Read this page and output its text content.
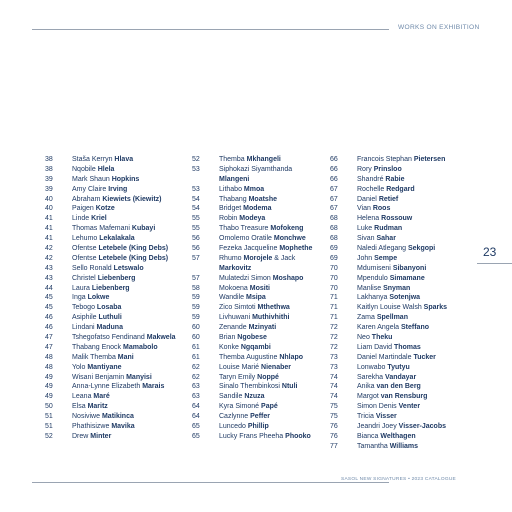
WORKS ON EXHIBITION
23
38	Staša Kerryn Hlava
38	Nqobile Hlela
39	Mark Shaun Hopkins
39	Amy Claire Irving
40	Abraham Kiewiets (Kiewitz)
40	Paigen Kotze
41	Linde Kriel
41	Thomas Mafemani Kubayi
41	Lehumo Lekalakala
42	Ofentse Letebele (King Debs)
42	Ofentse Letebele (King Debs)
43	Sello Ronald Letswalo
43	Christel Liebenberg
44	Laura Liebenberg
45	Inga Lokwe
45	Tebogo Losaba
46	Asiphile Luthuli
46	Lindani Maduna
47	Tshegofatso Fendinand Makwela
47	Thabang Enock Mamabolo
48	Malik Themba Mani
48	Yolo Mantiyane
49	Wisani Benjamin Manyisi
49	Anna-Lynne Elizabeth Marais
49	Leana Maré
50	Elsa Maritz
51	Nosiviwe Matikinca
51	Phathisizwe Mavika
52	Drew Minter
52	Themba Mkhangeli
53	Siphokazi Siyamthanda
Mlangeni
53	Lithabo Mmoa
54	Thabang Moatshe
54	Bridget Modema
55	Robin Modeya
55	Thabo Treasure Mofokeng
56	Omolemo Oratile Monchwe
56	Fezeka Jacqueline Mophethe
57	Rhumo Morojele & Jack
Markovitz
57	Mulatedzi Simon Moshapo
58	Mokoena Mositi
59	Wandile Msipa
59	Zico Simtoti Mthethwa
59	Livhuwani Muthivhithi
60	Zenande Mzinyati
60	Brian Ngobese
61	Konke Ngqambi
61	Themba Augustine Nhlapo
62	Louise Marié Nienaber
62	Taryn Emily Noppé
63	Sinalo Thembinkosi Ntuli
63	Sandile Nzuza
64	Kyra Simoné Papé
64	Cazlynne Peffer
65	Luncedo Phillip
65	Lucky Frans Pheeha Phooko
66	Francois Stephan Pietersen
66	Rory Prinsloo
66	Shandré Rabie
67	Rochelle Redgard
67	Daniel Retief
67	Vian Roos
68	Helena Rossouw
68	Luke Rudman
68	Sivan Sahar
69	Naledi Atlegang Sekgopi
69	John Sempe
70	Mdumiseni Sibanyoni
70	Mpendulo Simamane
70	Manlise Snyman
71	Lakhanya Sotenjwa
71	Kaitlyn Louise Walsh Sparks
71	Zama Spellman
72	Karen Angela Steffano
72	Neo Theku
72	Liam David Thomas
73	Daniel Martindale Tucker
73	Lonwabo Tyutyu
74	Sarekha Vandayar
74	Anika van den Berg
74	Margot van Rensburg
75	Simon Denis Venter
75	Tricia Visser
76	Jeandri Joey Visser-Jacobs
76	Bianca Welthagen
77	Tamantha Williams
SASOL NEW SIGNATURES • 2023 CATALOGUE
